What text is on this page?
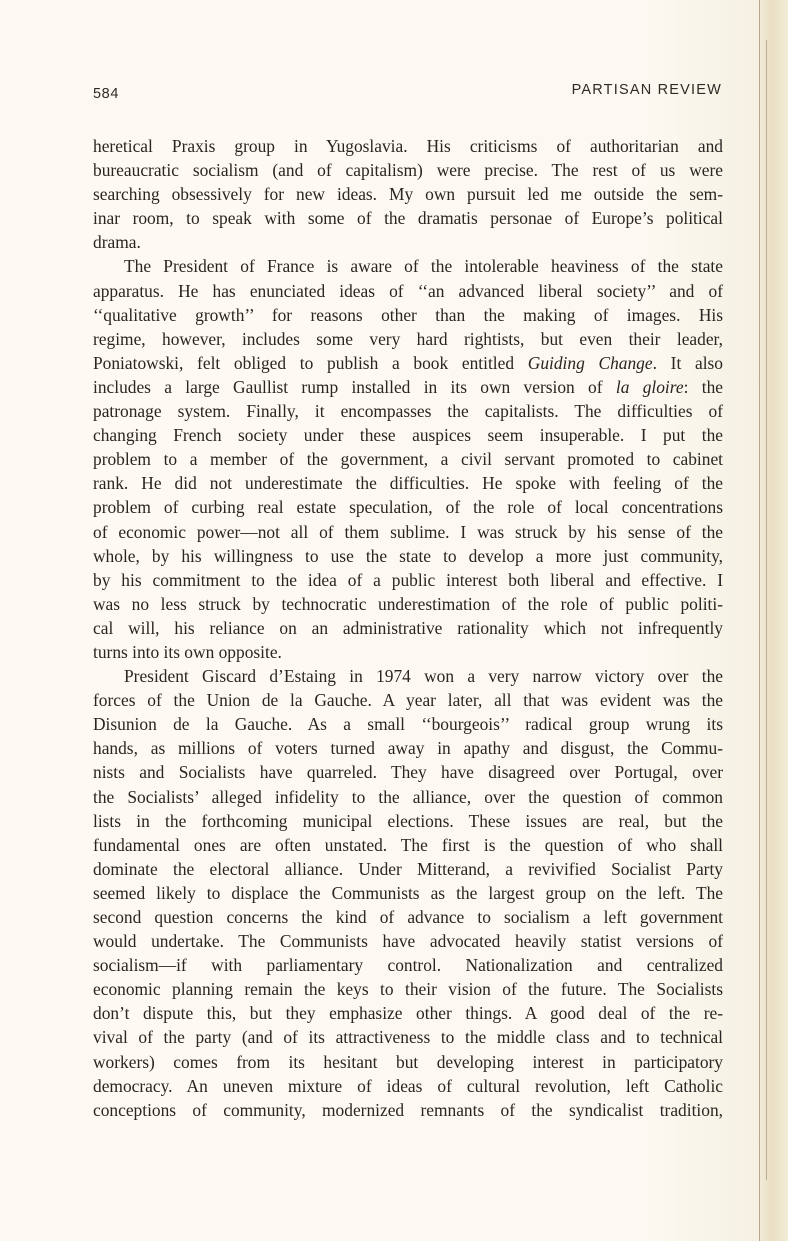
584	PARTISAN REVIEW
heretical Praxis group in Yugoslavia. His criticisms of authoritarian and
bureaucratic socialism (and of capitalism) were precise. The rest of us were
searching obsessively for new ideas. My own pursuit led me outside the sem-
inar room, to speak with some of the dramatis personae of Europe’s political
drama.
The President of France is aware of the intolerable heaviness of the state
apparatus. He has enunciated ideas of ‘‘an advanced liberal society’’ and of
‘‘qualitative growth’’ for reasons other than the making of images. His
regime, however, includes some very hard rightists, but even their leader,
Poniatowski, felt obliged to publish a book entitled Guiding Change. It also
includes a large Gaullist rump installed in its own version of la gloire: the
patronage system. Finally, it encompasses the capitalists. The difficulties of
changing French society under these auspices seem insuperable. I put the
problem to a member of the government, a civil servant promoted to cabinet
rank. He did not underestimate the difficulties. He spoke with feeling of the
problem of curbing real estate speculation, of the role of local concentrations
of economic power—not all of them sublime. I was struck by his sense of the
whole, by his willingness to use the state to develop a more just community,
by his commitment to the idea of a public interest both liberal and effective. I
was no less struck by technocratic underestimation of the role of public politi-
cal will, his reliance on an administrative rationality which not infrequently
turns into its own opposite.
President Giscard d’Estaing in 1974 won a very narrow victory over the
forces of the Union de la Gauche. A year later, all that was evident was the
Disunion de la Gauche. As a small ‘‘bourgeois’’ radical group wrung its
hands, as millions of voters turned away in apathy and disgust, the Commu-
nists and Socialists have quarreled. They have disagreed over Portugal, over
the Socialists’ alleged infidelity to the alliance, over the question of common
lists in the forthcoming municipal elections. These issues are real, but the
fundamental ones are often unstated. The first is the question of who shall
dominate the electoral alliance. Under Mitterand, a revivified Socialist Party
seemed likely to displace the Communists as the largest group on the left. The
second question concerns the kind of advance to socialism a left government
would undertake. The Communists have advocated heavily statist versions of
socialism—if with parliamentary control. Nationalization and centralized
economic planning remain the keys to their vision of the future. The Socialists
don’t dispute this, but they emphasize other things. A good deal of the re-
vival of the party (and of its attractiveness to the middle class and to technical
workers) comes from its hesitant but developing interest in participatory
democracy. An uneven mixture of ideas of cultural revolution, left Catholic
conceptions of community, modernized remnants of the syndicalist tradition,
